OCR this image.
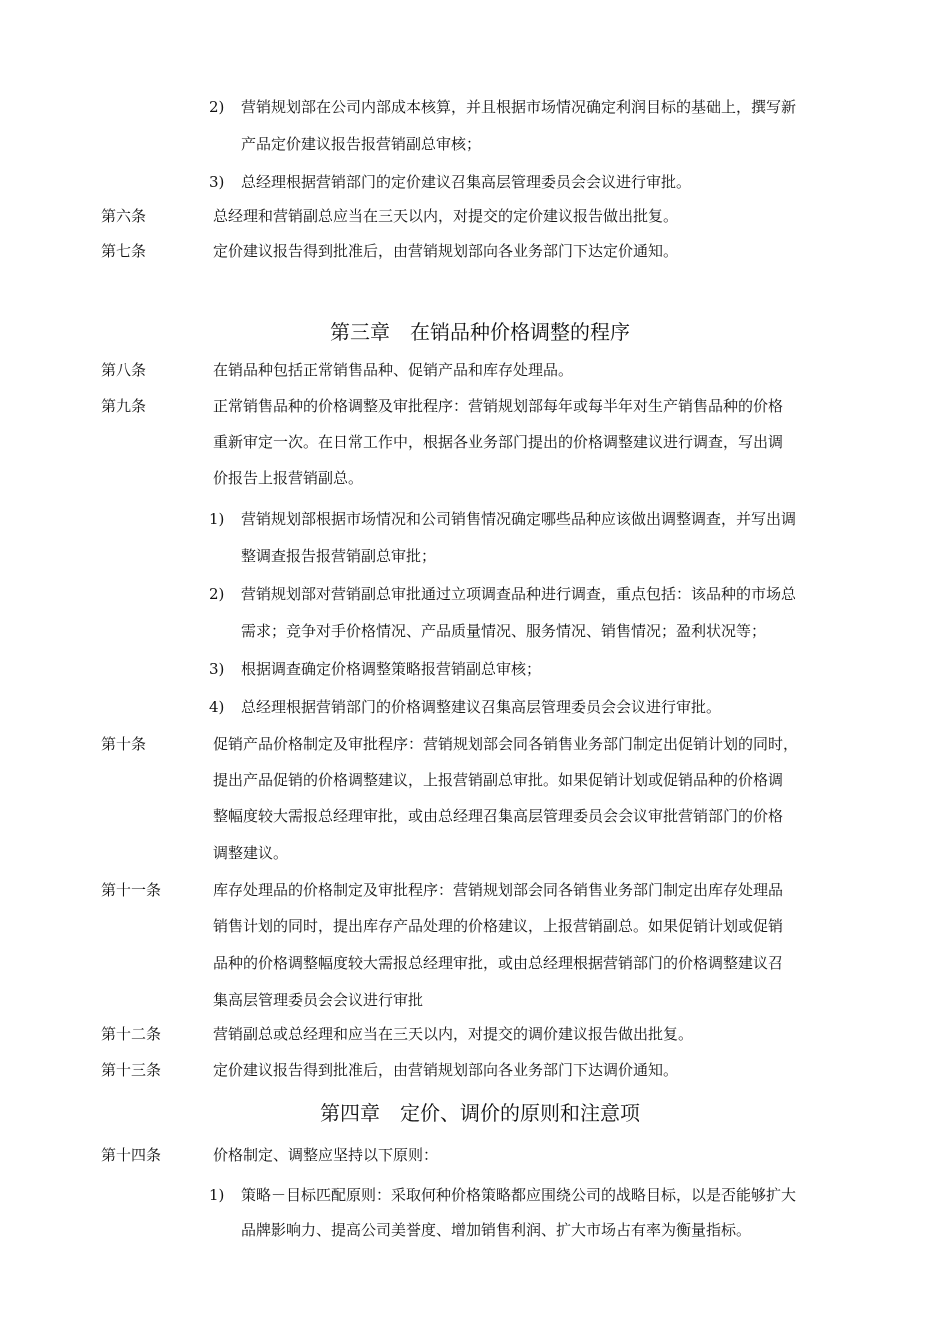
2) 营销规划部在公司内部成本核算，并且根据市场情况确定利润目标的基础上，撰写新
产品定价建议报告报营销副总审核；
3) 总经理根据营销部门的定价建议召集高层管理委员会会议进行审批。
第六条	总经理和营销副总应当在三天以内，对提交的定价建议报告做出批复。
第七条	定价建议报告得到批准后，由营销规划部向各业务部门下达定价通知。
第三章　在销品种价格调整的程序
第八条	在销品种包括正常销售品种、促销产品和库存处理品。
第九条	正常销售品种的价格调整及审批程序：营销规划部每年或每半年对生产销售品种的价格
重新审定一次。在日常工作中，根据各业务部门提出的价格调整建议进行调查，写出调
价报告上报营销副总。
1) 营销规划部根据市场情况和公司销售情况确定哪些品种应该做出调整调查，并写出调
整调查报告报营销副总审批；
2) 营销规划部对营销副总审批通过立项调查品种进行调查，重点包括：该品种的市场总
需求；竞争对手价格情况、产品质量情况、服务情况、销售情况；盈利状况等；
3) 根据调查确定价格调整策略报营销副总审核；
4) 总经理根据营销部门的价格调整建议召集高层管理委员会会议进行审批。
第十条	促销产品价格制定及审批程序：营销规划部会同各销售业务部门制定出促销计划的同时，
提出产品促销的价格调整建议，上报营销副总审批。如果促销计划或促销品种的价格调
整幅度较大需报总经理审批，或由总经理召集高层管理委员会会议审批营销部门的价格
调整建议。
第十一条	库存处理品的价格制定及审批程序：营销规划部会同各销售业务部门制定出库存处理品
销售计划的同时，提出库存产品处理的价格建议，上报营销副总。如果促销计划或促销
品种的价格调整幅度较大需报总经理审批，或由总经理根据营销部门的价格调整建议召
集高层管理委员会会议进行审批
第十二条	营销副总或总经理和应当在三天以内，对提交的调价建议报告做出批复。
第十三条	定价建议报告得到批准后，由营销规划部向各业务部门下达调价通知。
第四章　定价、调价的原则和注意项
第十四条	价格制定、调整应坚持以下原则：
1) 策略－目标匹配原则：采取何种价格策略都应围绕公司的战略目标，以是否能够扩大
品牌影响力、提高公司美誉度、增加销售利润、扩大市场占有率为衡量指标。
